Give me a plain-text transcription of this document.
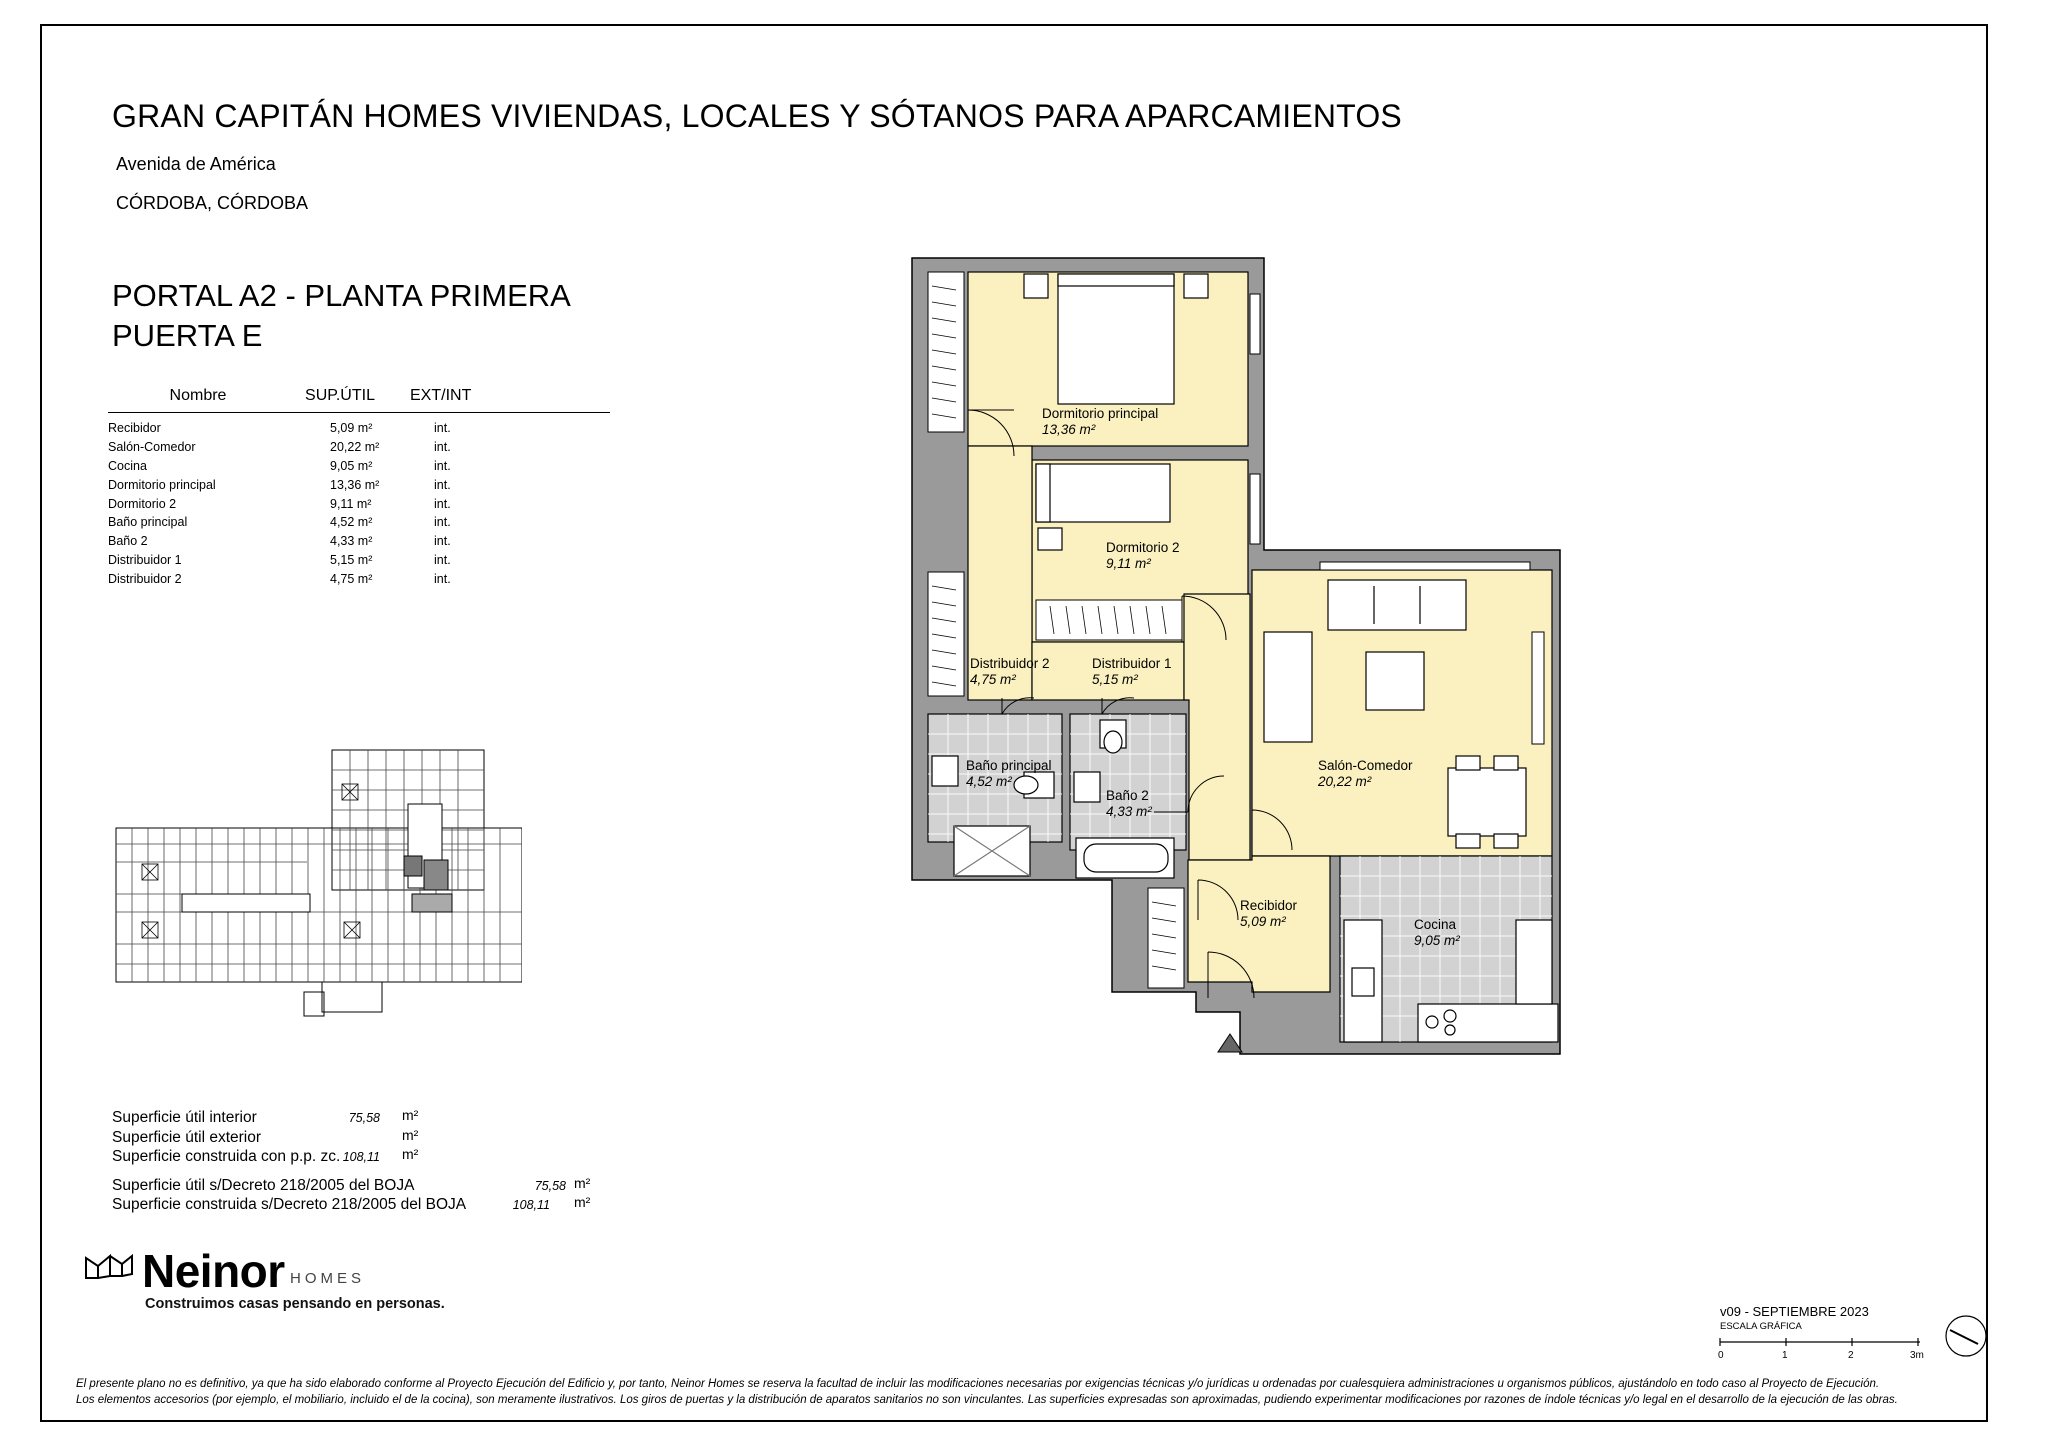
GRAN CAPITÁN HOMES VIVIENDAS, LOCALES Y SÓTANOS PARA APARCAMIENTOS
Avenida de América
CÓRDOBA, CÓRDOBA
PORTAL A2 - PLANTA PRIMERA
PUERTA E
Nombre	SUP.ÚTIL	EXT/INT
Recibidor	5,09 m²	int.
Salón-Comedor	20,22 m²	int.
Cocina	9,05 m²	int.
Dormitorio principal	13,36 m²	int.
Dormitorio 2	9,11 m²	int.
Baño principal	4,52 m²	int.
Baño 2	4,33 m²	int.
Distribuidor 1	5,15 m²	int.
Distribuidor 2	4,75 m²	int.
Dormitorio principal
13,36 m²
Dormitorio 2
9,11 m²
Distribuidor 2
4,75 m²
Distribuidor 1
5,15 m²
Baño principal
4,52 m²
Baño 2
4,33 m²
Salón-Comedor
20,22 m²
Recibidor
5,09 m²	Cocina
9,05 m²
Superficie útil interior	75,58 m²
Superficie útil exterior	m²
Superficie construida con p.p. zc. 108,11 m²
Superficie útil s/Decreto 218/2005 del BOJA	75,58 m²
Superficie construida s/Decreto 218/2005 del BOJA	108,11 m²
Neinor HOMES
Construimos casas pensando en personas.	v09 - SEPTIEMBRE 2023
ESCALA GRÁFICA
0	1	2	3m
El presente plano no es definitivo, ya que ha sido elaborado conforme al Proyecto Ejecución del Edificio y, por tanto, Neinor Homes se reserva la facultad de incluir las modificaciones necesarias por exigencias técnicas y/o jurídicas u ordenadas por cualesquiera administraciones u organismos públicos, ajustándolo en todo caso al Proyecto de Ejecución.
Los elementos accesorios (por ejemplo, el mobiliario, incluido el de la cocina), son meramente ilustrativos. Los giros de puertas y la distribución de aparatos sanitarios no son vinculantes. Las superficies expresadas son aproximadas, pudiendo experimentar modificaciones por razones de índole técnicas y/o legal en el desarrollo de la ejecución de las obras.
